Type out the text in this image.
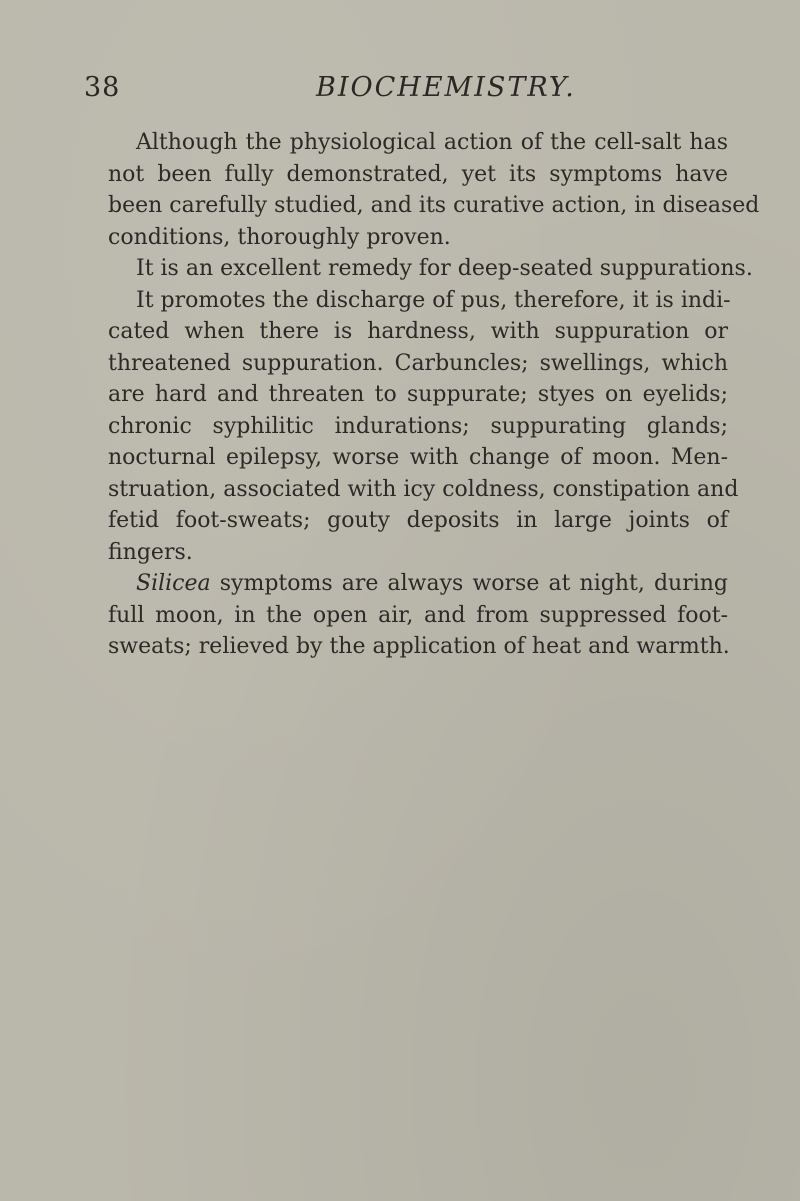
38	BIOCHEMISTRY.
Although the physiological action of the cell-salt has
not been fully demonstrated, yet its symptoms have
been carefully studied, and its curative action, in diseased
conditions, thoroughly proven.
It is an excellent remedy for deep-seated suppurations.
It promotes the discharge of pus, therefore, it is indi-
cated when there is hardness, with suppuration or
threatened suppuration. Carbuncles; swellings, which
are hard and threaten to suppurate; styes on eyelids;
chronic syphilitic indurations; suppurating glands;
nocturnal epilepsy, worse with change of moon. Men-
struation, associated with icy coldness, constipation and
fetid foot-sweats; gouty deposits in large joints of
fingers.
Silicea symptoms are always worse at night, during
full moon, in the open air, and from suppressed foot-
sweats; relieved by the application of heat and warmth.
